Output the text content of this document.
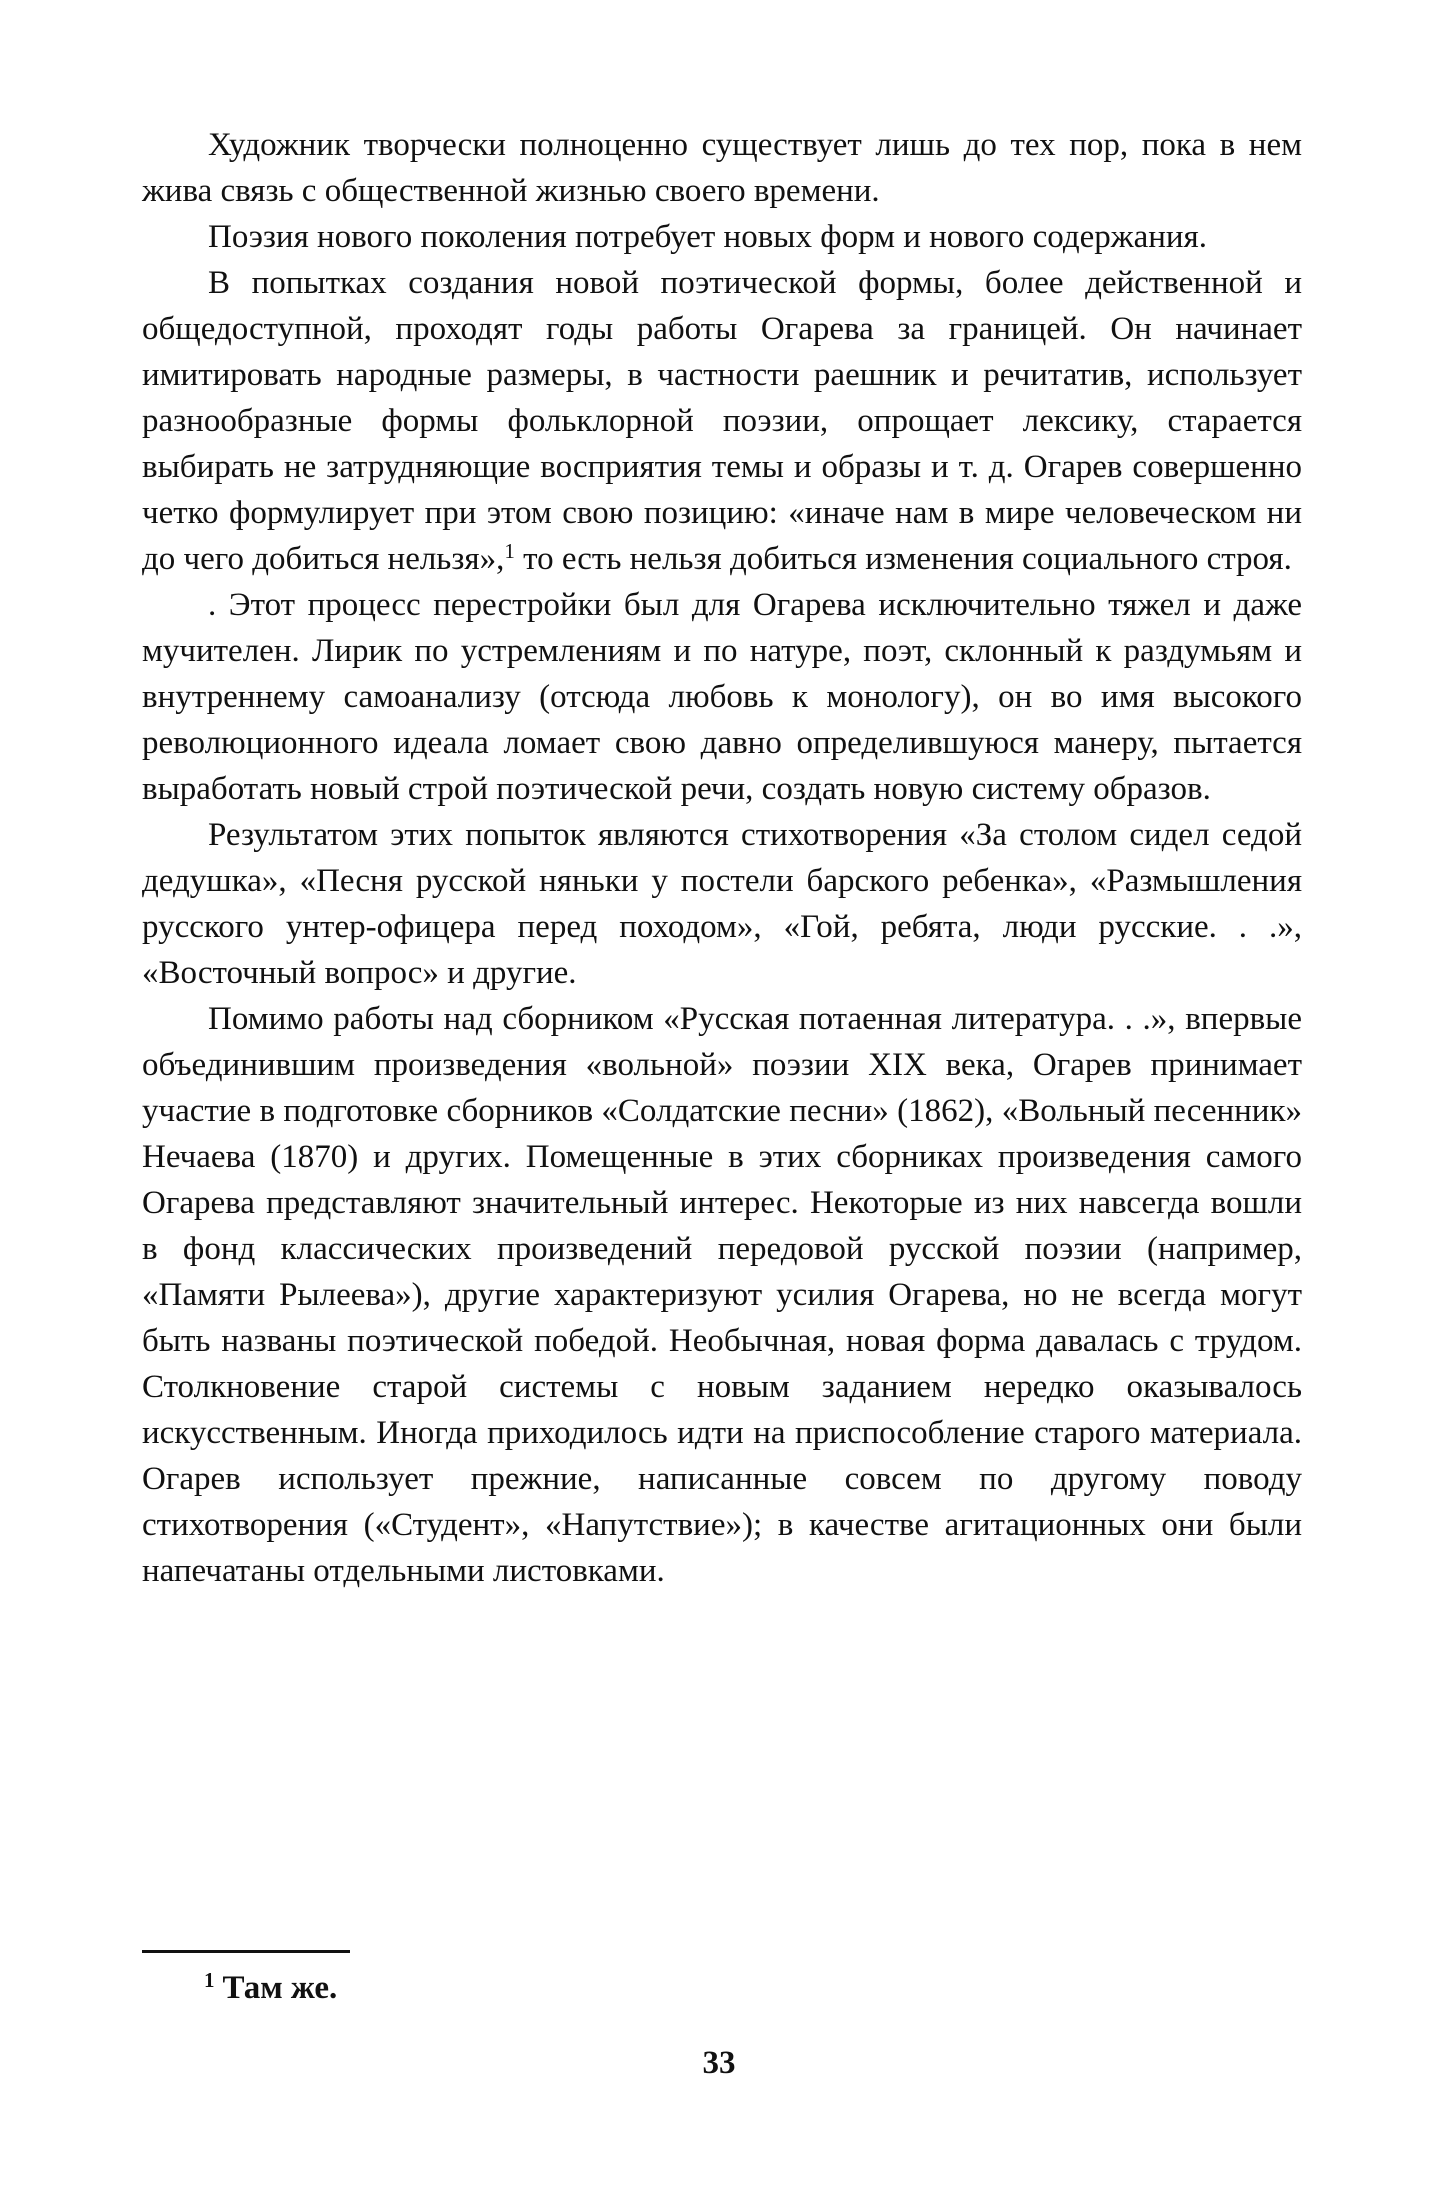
Художник творчески полноценно существует лишь до тех пор, пока в нем жива связь с общественной жизнью своего времени.

Поэзия нового поколения потребует новых форм и нового содержания.

В попытках создания новой поэтической формы, более действенной и общедоступной, проходят годы работы Огарева за границей. Он начинает имитировать народные размеры, в частности раешник и речитатив, использует разнообразные формы фольклорной поэзии, опрощает лексику, старается выбирать не затрудняющие восприятия темы и образы и т. д. Огарев совершенно четко формулирует при этом свою позицию: «иначе нам в мире человеческом ни до чего добиться нельзя»,$^1$ то есть нельзя добиться изменения социального строя.

. Этот процесс перестройки был для Огарева исключительно тяжел и даже мучителен. Лирик по устремлениям и по натуре, поэт, склонный к раздумьям и внутреннему самоанализу (отсюда любовь к монологу), он во имя высокого революционного идеала ломает свою давно определившуюся манеру, пытается выработать новый строй поэтической речи, создать новую систему образов.

Результатом этих попыток являются стихотворения «За столом сидел седой дедушка», «Песня русской няньки у постели барского ребенка», «Размышления русского унтер-офицера перед походом», «Гой, ребята, люди русские. . .», «Восточный вопрос» и другие.

Помимо работы над сборником «Русская потаенная литература. . .», впервые объединившим произведения «вольной» поэзии XIX века, Огарев принимает участие в подготовке сборников «Солдатские песни» (1862), «Вольный песенник» Нечаева (1870) и других. Помещенные в этих сборниках произведения самого Огарева представляют значительный интерес. Некоторые из них навсегда вошли в фонд классических произведений передовой русской поэзии (например, «Памяти Рылеева»), другие характеризуют усилия Огарева, но не всегда могут быть названы поэтической победой. Необычная, новая форма давалась с трудом. Столкновение старой системы с новым заданием нередко оказывалось искусственным. Иногда приходилось идти на приспособление старого материала. Огарев использует прежние, написанные совсем по другому поводу стихотворения («Студент», «Напутствие»); в качестве агитационных они были напечатаны отдельными листовками.

$^1$ Там же.
33
